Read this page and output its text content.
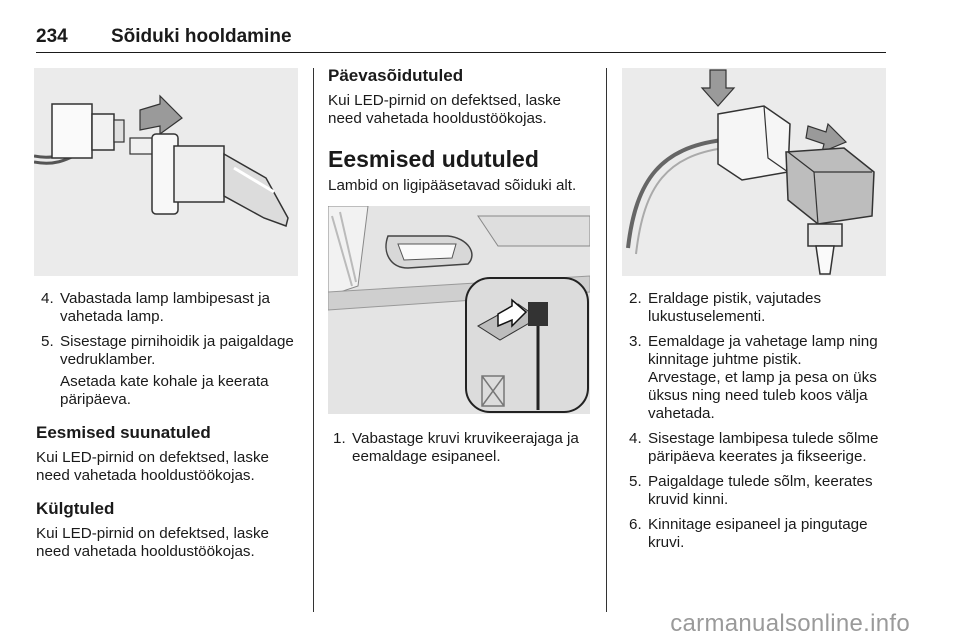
234 Sõiduki hooldamine
4. Vabastada lamp lambipesast ja vahetada lamp.
5. Sisestage pirnihoidik ja paigaldage vedruklamber.

Asetada kate kohale ja keerata päripäeva.

Eesmised suunatuled

Kui LED-pirnid on defektsed, laske need vahetada hooldustöökojas.

Külgtuled

Kui LED-pirnid on defektsed, laske need vahetada hooldustöökojas.

Päevasõidutuled

Kui LED-pirnid on defektsed, laske need vahetada hooldustöökojas.

Eesmised udutuled

Lambid on ligipääsetavad sõiduki alt.

1. Vabastage kruvi kruvikeerajaga ja eemaldage esipaneel.
2. Eraldage pistik, vajutades lukustuselementi.
3. Eemaldage ja vahetage lamp ning kinnitage juhtme pistik.
Arvestage, et lamp ja pesa on üks üksus ning need tuleb koos välja vahetada.
4. Sisestage lambipesa tulede sõlme päripäeva keerates ja fikseerige.
5. Paigaldage tulede sõlm, keerates kruvid kinni.
6. Kinnitage esipaneel ja pingutage kruvi.
carmanualsonline.info
